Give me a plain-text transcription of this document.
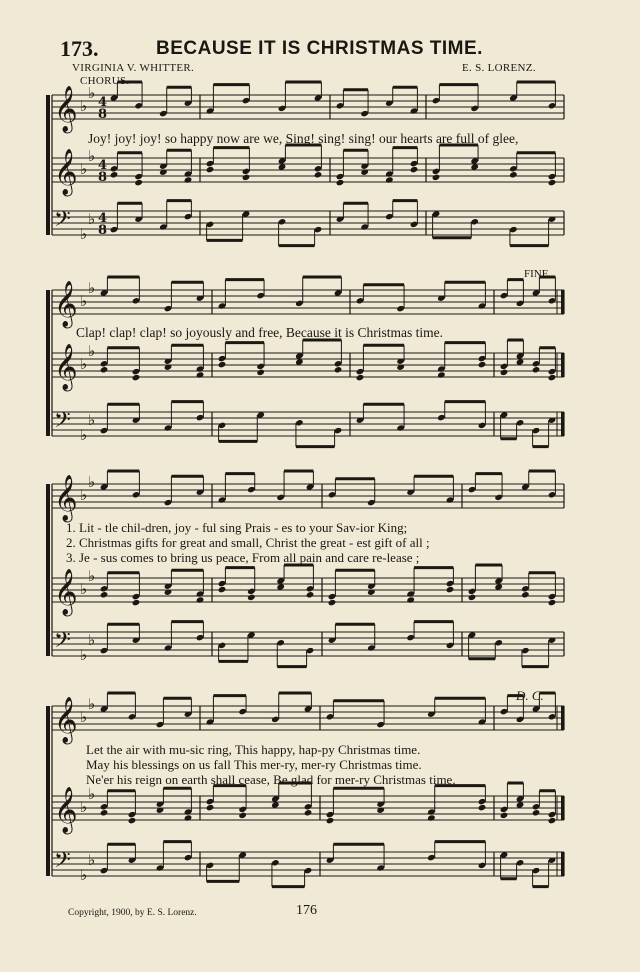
𝄞 ♭
♭
4
8
𝄞 ♭
♭
4
8
𝄢 ♭
♭ 4
8
𝄞 ♭
♭
𝄞 ♭
♭
𝄢 ♭
♭
𝄞 ♭
♭
𝄞 ♭
♭
𝄢 ♭
♭
𝄞 ♭
♭
𝄞 ♭
♭
𝄢 ♭
♭
173.	BECAUSE IT IS CHRISTMAS TIME.
VIRGINIA V. WHITTER.	E. S. LORENZ.
CHORUS.
FINE.
D. C.
Joy! joy! joy! so happy now are we, Sing! sing! sing! our hearts are full of glee,
Clap! clap! clap! so joyously and free, Because it is Christmas time.
1. Lit - tle chil-dren, joy - ful sing Prais - es to your Sav-ior King;
2. Christmas gifts for great and small, Christ the great - est gift of all ;
3. Je - sus comes to bring us peace, From all pain and care re-lease ;
Let the air with mu-sic ring, This happy, hap-py Christmas time.
May his blessings on us fall This mer-ry, mer-ry Christmas time.
Ne'er his reign on earth shall cease, Be glad for mer-ry Christmas time.
Copyright, 1900, by E. S. Lorenz.	176
